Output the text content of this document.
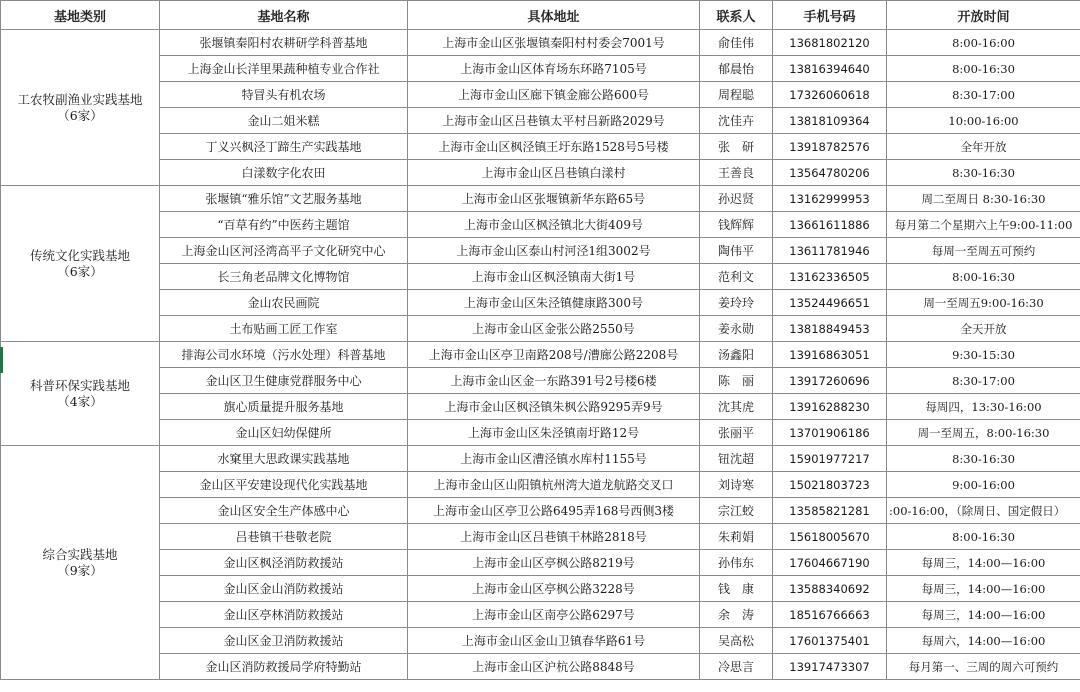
基地类别	基地名称	具体地址	联系人	手机号码	开放时间

工农牧副渔业实践基地
（6家）	张堰镇秦阳村农耕研学科普基地	上海市金山区张堰镇秦阳村村委会7001号	俞佳伟	13681802120	8:00-16:00
	上海金山长洋里果蔬种植专业合作社	上海市金山区体育场东环路7105号	郁晨怡	13816394640	8:00-16:30
	特冒头有机农场	上海市金山区廊下镇金廊公路600号	周程聪	17326060618	8:30-17:00
	金山二姐米糕	上海市金山区吕巷镇太平村吕新路2029号	沈佳卉	13818109364	10:00-16:00
	丁义兴枫泾丁蹄生产实践基地	上海市金山区枫泾镇王圩东路1528号5号楼	张　研	13918782576	全年开放
	白漾数字化农田	上海市金山区吕巷镇白漾村	王善良	13564780206	8:30-16:30

传统文化实践基地
（6家）	张堰镇“雅乐馆”文艺服务基地	上海市金山区张堰镇新华东路65号	孙迟贤	13162999953	周二至周日 8:30-16:30
	“百草有约”中医药主题馆	上海市金山区枫泾镇北大街409号	钱辉辉	13661611886	每月第二个星期六上午9:00-11:00
	上海金山区河泾湾高平子文化研究中心	上海市金山区泰山村河泾1组3002号	陶伟平	13611781946	每周一至周五可预约
	长三角老品牌文化博物馆	上海市金山区枫泾镇南大街1号	范利文	13162336505	8:00-16:30
	金山农民画院	上海市金山区朱泾镇健康路300号	姜玲玲	13524496651	周一至周五9:00-16:30
	土布贴画工匠工作室	上海市金山区金张公路2550号	姜永勋	13818849453	全天开放

科普环保实践基地
（4家）	排海公司水环境（污水处理）科普基地	上海市金山区亭卫南路208号/漕廊公路2208号	汤鑫阳	13916863051	9:30-15:30
	金山区卫生健康党群服务中心	上海市金山区金一东路391号2号楼6楼	陈　丽	13917260696	8:30-17:00
	旗心质量提升服务基地	上海市金山区枫泾镇朱枫公路9295弄9号	沈其虎	13916288230	每周四，13:30-16:00
	金山区妇幼保健所	上海市金山区朱泾镇南圩路12号	张丽平	13701906186	周一至周五，8:00-16:30

综合实践基地
（9家）	水窠里大思政课实践基地	上海市金山区漕泾镇水库村1155号	钮沈超	15901977217	8:30-16:30
	金山区平安建设现代化实践基地	上海市金山区山阳镇杭州湾大道龙航路交叉口	刘诗寒	15021803723	9:00-16:00
	金山区安全生产体感中心	上海市金山区亭卫公路6495弄168号西侧3楼	宗江蛟	13585821281	:00-16:00，（除周日、国定假日）
	吕巷镇干巷敬老院	上海市金山区吕巷镇干林路2818号	朱莉娟	15618005670	8:00-16:30
	金山区枫泾消防救援站	上海市金山区亭枫公路8219号	孙伟东	17604667190	每周三，14:00—16:00
	金山区金山消防救援站	上海市金山区亭枫公路3228号	钱　康	13588340692	每周三，14:00—16:00
	金山区亭林消防救援站	上海市金山区南亭公路6297号	余　涛	18516766663	每周三，14:00—16:00
	金山区金卫消防救援站	上海市金山区金山卫镇春华路61号	吴高松	17601375401	每周六，14:00—16:00
	金山区消防救援局学府特勤站	上海市金山区沪杭公路8848号	冷思言	13917473307	每月第一、三周的周六可预约
